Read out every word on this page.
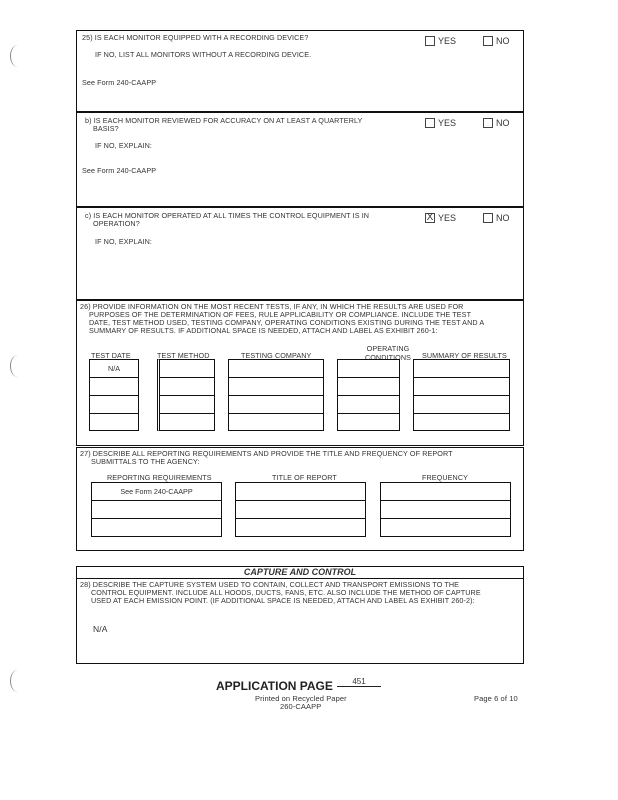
25) IS EACH MONITOR EQUIPPED WITH A RECORDING DEVICE?
IF NO, LIST ALL MONITORS WITHOUT A RECORDING DEVICE.
See Form 240-CAAPP
YES	NO
b) IS EACH MONITOR REVIEWED FOR ACCURACY ON AT LEAST A QUARTERLY
BASIS?
IF NO, EXPLAIN:
See Form 240-CAAPP
YES	NO
c) IS EACH MONITOR OPERATED AT ALL TIMES THE CONTROL EQUIPMENT IS IN
OPERATION?
IF NO, EXPLAIN:
X YES	NO
26) PROVIDE INFORMATION ON THE MOST RECENT TESTS, IF ANY, IN WHICH THE RESULTS ARE USED FOR
PURPOSES OF THE DETERMINATION OF FEES, RULE APPLICABILITY OR COMPLIANCE. INCLUDE THE TEST
DATE, TEST METHOD USED, TESTING COMPANY, OPERATING CONDITIONS EXISTING DURING THE TEST AND A
SUMMARY OF RESULTS. IF ADDITIONAL SPACE IS NEEDED, ATTACH AND LABEL AS EXHIBIT 260-1:
TEST DATE	TEST METHOD	TESTING COMPANY
OPERATING
CONDITIONS	SUMMARY OF RESULTS
N/A
27) DESCRIBE ALL REPORTING REQUIREMENTS AND PROVIDE THE TITLE AND FREQUENCY OF REPORT
SUBMITTALS TO THE AGENCY:
REPORTING REQUIREMENTS	TITLE OF REPORT	FREQUENCY
See Form 240-CAAPP
CAPTURE AND CONTROL
28) DESCRIBE THE CAPTURE SYSTEM USED TO CONTAIN, COLLECT AND TRANSPORT EMISSIONS TO THE
CONTROL EQUIPMENT. INCLUDE ALL HOODS, DUCTS, FANS, ETC. ALSO INCLUDE THE METHOD OF CAPTURE
USED AT EACH EMISSION POINT. (IF ADDITIONAL SPACE IS NEEDED, ATTACH AND LABEL AS EXHIBIT 260-2):
N/A
APPLICATION PAGE	451
Printed on Recycled Paper
260-CAAPP
Page 6 of 10
